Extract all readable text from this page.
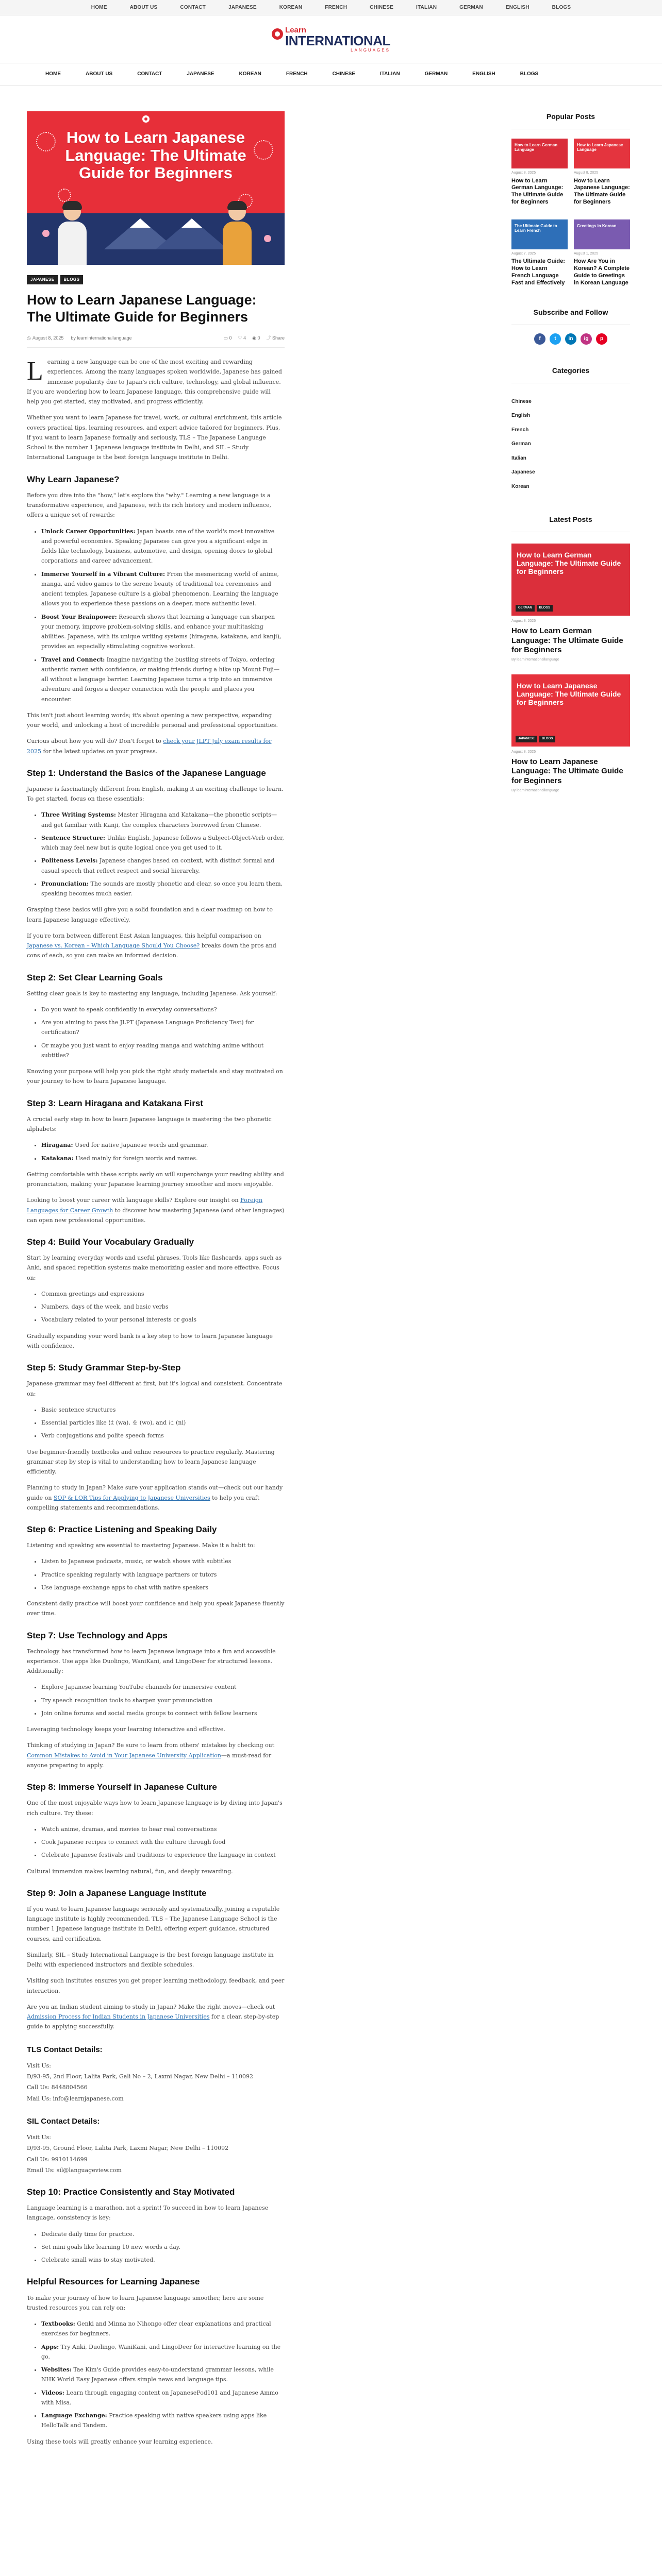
HOME	ABOUT US	CONTACT	JAPANESE	KOREAN	FRENCH	CHINESE	ITALIAN	GERMAN	ENGLISH	BLOGS
Learn
INTERNATIONAL
LANGUAGES
HOME	ABOUT US	CONTACT	JAPANESE	KOREAN	FRENCH	CHINESE	ITALIAN	GERMAN	ENGLISH	BLOGS
How to Learn Japanese Language: The Ultimate Guide for Beginners
JAPANESE	BLOGS
How to Learn Japanese Language: The Ultimate Guide for Beginners
◷ August 8, 2025 by learninternationallanguage	▭ 0 ♡ 4 ◉ 0 ⤴ Share

Learning a new language can be one of the most exciting and rewarding experiences. Among the many languages spoken worldwide, Japanese has gained immense popularity due to Japan's rich culture, technology, and global influence. If you are wondering how to learn Japanese language, this comprehensive guide will help you get started, stay motivated, and progress efficiently.

Whether you want to learn Japanese for travel, work, or cultural enrichment, this article covers practical tips, learning resources, and expert advice tailored for beginners. Plus, if you want to learn Japanese formally and seriously, TLS – The Japanese Language School is the number 1 Japanese language institute in Delhi, and SIL – Study International Language is the best foreign language institute in Delhi.

Why Learn Japanese?

Before you dive into the "how," let's explore the "why." Learning a new language is a transformative experience, and Japanese, with its rich history and modern influence, offers a unique set of rewards:

• Unlock Career Opportunities: Japan boasts one of the world's most innovative and powerful economies. Speaking Japanese can give you a significant edge in fields like technology, business, automotive, and design, opening doors to global corporations and career advancement.
• Immerse Yourself in a Vibrant Culture: From the mesmerizing world of anime, manga, and video games to the serene beauty of traditional tea ceremonies and ancient temples, Japanese culture is a global phenomenon. Learning the language allows you to experience these passions on a deeper, more authentic level.
• Boost Your Brainpower: Research shows that learning a language can sharpen your memory, improve problem-solving skills, and enhance your multitasking abilities. Japanese, with its unique writing systems (hiragana, katakana, and kanji), provides an especially stimulating cognitive workout.
• Travel and Connect: Imagine navigating the bustling streets of Tokyo, ordering authentic ramen with confidence, or making friends during a hike up Mount Fuji—all without a language barrier. Learning Japanese turns a trip into an immersive adventure and forges a deeper connection with the people and places you encounter.

This isn't just about learning words; it's about opening a new perspective, expanding your world, and unlocking a host of incredible personal and professional opportunities.

Curious about how you will do? Don't forget to check your JLPT July exam results for 2025 for the latest updates on your progress.

Step 1: Understand the Basics of the Japanese Language

Japanese is fascinatingly different from English, making it an exciting challenge to learn. To get started, focus on these essentials:

• Three Writing Systems: Master Hiragana and Katakana—the phonetic scripts—and get familiar with Kanji, the complex characters borrowed from Chinese.
• Sentence Structure: Unlike English, Japanese follows a Subject-Object-Verb order, which may feel new but is quite logical once you get used to it.
• Politeness Levels: Japanese changes based on context, with distinct formal and casual speech that reflect respect and social hierarchy.
• Pronunciation: The sounds are mostly phonetic and clear, so once you learn them, speaking becomes much easier.

Grasping these basics will give you a solid foundation and a clear roadmap on how to learn Japanese language effectively.

If you're torn between different East Asian languages, this helpful comparison on Japanese vs. Korean – Which Language Should You Choose? breaks down the pros and cons of each, so you can make an informed decision.

Step 2: Set Clear Learning Goals

Setting clear goals is key to mastering any language, including Japanese. Ask yourself:

• Do you want to speak confidently in everyday conversations?
• Are you aiming to pass the JLPT (Japanese Language Proficiency Test) for certification?
• Or maybe you just want to enjoy reading manga and watching anime without subtitles?

Knowing your purpose will help you pick the right study materials and stay motivated on your journey to how to learn Japanese language.

Step 3: Learn Hiragana and Katakana First

A crucial early step in how to learn Japanese language is mastering the two phonetic alphabets:

• Hiragana: Used for native Japanese words and grammar.
• Katakana: Used mainly for foreign words and names.

Getting comfortable with these scripts early on will supercharge your reading ability and pronunciation, making your Japanese learning journey smoother and more enjoyable.

Looking to boost your career with language skills? Explore our insight on Foreign Languages for Career Growth to discover how mastering Japanese (and other languages) can open new professional opportunities.

Step 4: Build Your Vocabulary Gradually

Start by learning everyday words and useful phrases. Tools like flashcards, apps such as Anki, and spaced repetition systems make memorizing easier and more effective. Focus on:

• Common greetings and expressions
• Numbers, days of the week, and basic verbs
• Vocabulary related to your personal interests or goals

Gradually expanding your word bank is a key step to how to learn Japanese language with confidence.

Step 5: Study Grammar Step-by-Step

Japanese grammar may feel different at first, but it's logical and consistent. Concentrate on:

• Basic sentence structures
• Essential particles like は (wa), を (wo), and に (ni)
• Verb conjugations and polite speech forms

Use beginner-friendly textbooks and online resources to practice regularly. Mastering grammar step by step is vital to understanding how to learn Japanese language efficiently.

Planning to study in Japan? Make sure your application stands out—check out our handy guide on SOP & LOR Tips for Applying to Japanese Universities to help you craft compelling statements and recommendations.

Step 6: Practice Listening and Speaking Daily

Listening and speaking are essential to mastering Japanese. Make it a habit to:

• Listen to Japanese podcasts, music, or watch shows with subtitles
• Practice speaking regularly with language partners or tutors
• Use language exchange apps to chat with native speakers

Consistent daily practice will boost your confidence and help you speak Japanese fluently over time.

Step 7: Use Technology and Apps

Technology has transformed how to learn Japanese language into a fun and accessible experience. Use apps like Duolingo, WaniKani, and LingoDeer for structured lessons. Additionally:

• Explore Japanese learning YouTube channels for immersive content
• Try speech recognition tools to sharpen your pronunciation
• Join online forums and social media groups to connect with fellow learners

Leveraging technology keeps your learning interactive and effective.

Thinking of studying in Japan? Be sure to learn from others' mistakes by checking out Common Mistakes to Avoid in Your Japanese University Application—a must-read for anyone preparing to apply.

Step 8: Immerse Yourself in Japanese Culture

One of the most enjoyable ways how to learn Japanese language is by diving into Japan's rich culture. Try these:

• Watch anime, dramas, and movies to hear real conversations
• Cook Japanese recipes to connect with the culture through food
• Celebrate Japanese festivals and traditions to experience the language in context

Cultural immersion makes learning natural, fun, and deeply rewarding.

Step 9: Join a Japanese Language Institute

If you want to learn Japanese language seriously and systematically, joining a reputable language institute is highly recommended. TLS – The Japanese Language School is the number 1 Japanese language institute in Delhi, offering expert guidance, structured courses, and certification.

Similarly, SIL – Study International Language is the best foreign language institute in Delhi with experienced instructors and flexible schedules.

Visiting such institutes ensures you get proper learning methodology, feedback, and peer interaction.

Are you an Indian student aiming to study in Japan? Make the right moves—check out Admission Process for Indian Students in Japanese Universities for a clear, step-by-step guide to applying successfully.

TLS Contact Details:

Visit Us:

D/93-95, 2nd Floor, Lalita Park, Gali No – 2, Laxmi Nagar, New Delhi – 110092

Call Us: 8448804566

Mail Us: info@learnjapanese.com

SIL Contact Details:

Visit Us:

D/93-95, Ground Floor, Lalita Park, Laxmi Nagar, New Delhi – 110092

Call Us: 9910114699

Email Us: sil@languageview.com

Step 10: Practice Consistently and Stay Motivated

Language learning is a marathon, not a sprint! To succeed in how to learn Japanese language, consistency is key:

• Dedicate daily time for practice.
• Set mini goals like learning 10 new words a day.
• Celebrate small wins to stay motivated.
Helpful Resources for Learning Japanese

To make your journey of how to learn Japanese language smoother, here are some trusted resources you can rely on:

• Textbooks: Genki and Minna no Nihongo offer clear explanations and practical exercises for beginners.
• Apps: Try Anki, Duolingo, WaniKani, and LingoDeer for interactive learning on the go.
• Websites: Tae Kim's Guide provides easy-to-understand grammar lessons, while NHK World Easy Japanese offers simple news and language tips.
• Videos: Learn through engaging content on JapanesePod101 and Japanese Ammo with Misa.
• Language Exchange: Practice speaking with native speakers using apps like HelloTalk and Tandem.

Using these tools will greatly enhance your learning experience.

Popular Posts
How to Learn German Language
August 8, 2025
How to Learn German Language: The Ultimate Guide for Beginners
How to Learn Japanese Language
August 8, 2025
How to Learn Japanese Language: The Ultimate Guide for Beginners
The Ultimate Guide to Learn French
August 7, 2025
The Ultimate Guide: How to Learn French Language Fast and Effectively
Greetings in Korean
August 1, 2025
How Are You in Korean? A Complete Guide to Greetings in Korean Language
Subscribe and Follow
f	t	in	ig	p
Categories
Chinese
English
French
German
Italian
Japanese
Korean
Latest Posts
How to Learn German Language: The Ultimate Guide for Beginners
GERMAN	BLOGS
August 8, 2025
How to Learn German Language: The Ultimate Guide for Beginners
By learninternationallanguage
How to Learn Japanese Language: The Ultimate Guide for Beginners
JAPANESE	BLOGS
August 8, 2025
How to Learn Japanese Language: The Ultimate Guide for Beginners
By learninternationallanguage
